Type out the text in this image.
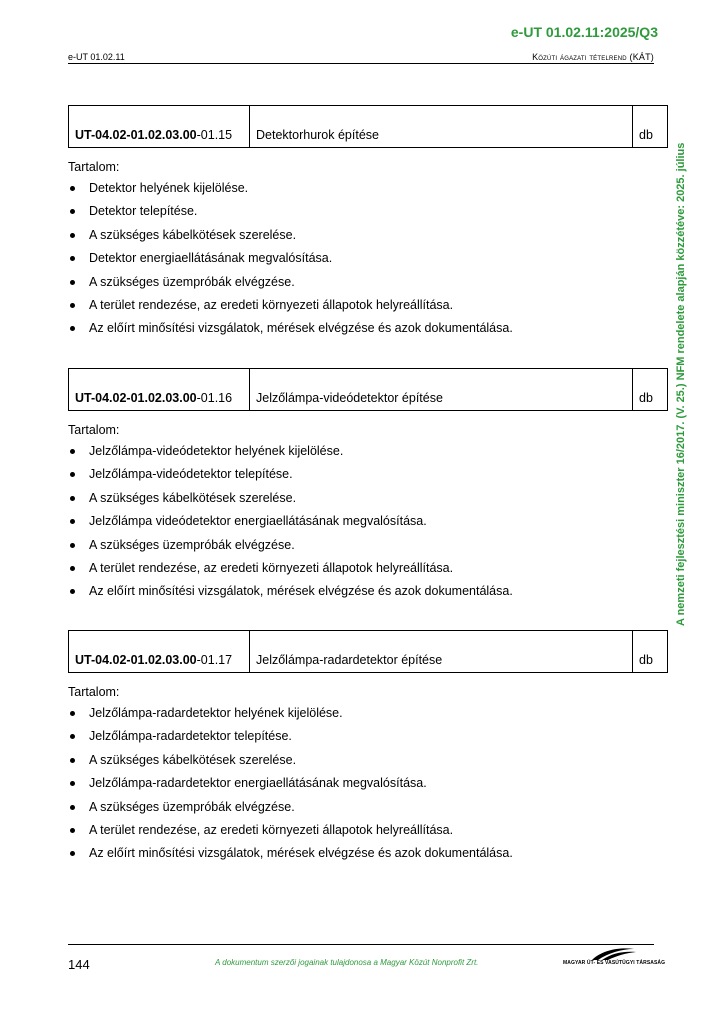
e-UT 01.02.11:2025/Q3
e-UT 01.02.11	Közúti ágazati tételrend (KÁT)
A nemzeti fejlesztési miniszter 16/2017. (V. 25.) NFM rendelete alapján közzétéve: 2025. július
UT-04.02-01.02.03.00-01.15	Detektorhurok építése	db
Tartalom:
Detektor helyének kijelölése.
Detektor telepítése.
A szükséges kábelkötések szerelése.
Detektor energiaellátásának megvalósítása.
A szükséges üzempróbák elvégzése.
A terület rendezése, az eredeti környezeti állapotok helyreállítása.
Az előírt minősítési vizsgálatok, mérések elvégzése és azok dokumentálása.
UT-04.02-01.02.03.00-01.16	Jelzőlámpa-videódetektor építése	db
Tartalom:
Jelzőlámpa-videódetektor helyének kijelölése.
Jelzőlámpa-videódetektor telepítése.
A szükséges kábelkötések szerelése.
Jelzőlámpa videódetektor energiaellátásának megvalósítása.
A szükséges üzempróbák elvégzése.
A terület rendezése, az eredeti környezeti állapotok helyreállítása.
Az előírt minősítési vizsgálatok, mérések elvégzése és azok dokumentálása.
UT-04.02-01.02.03.00-01.17	Jelzőlámpa-radardetektor építése	db
Tartalom:
Jelzőlámpa-radardetektor helyének kijelölése.
Jelzőlámpa-radardetektor telepítése.
A szükséges kábelkötések szerelése.
Jelzőlámpa-radardetektor energiaellátásának megvalósítása.
A szükséges üzempróbák elvégzése.
A terület rendezése, az eredeti környezeti állapotok helyreállítása.
Az előírt minősítési vizsgálatok, mérések elvégzése és azok dokumentálása.
144	A dokumentum szerzői jogainak tulajdonosa a Magyar Közút Nonprofit Zrt.	MAGYAR ÚT- ÉS VASÚTÜGYI TÁRSASÁG
